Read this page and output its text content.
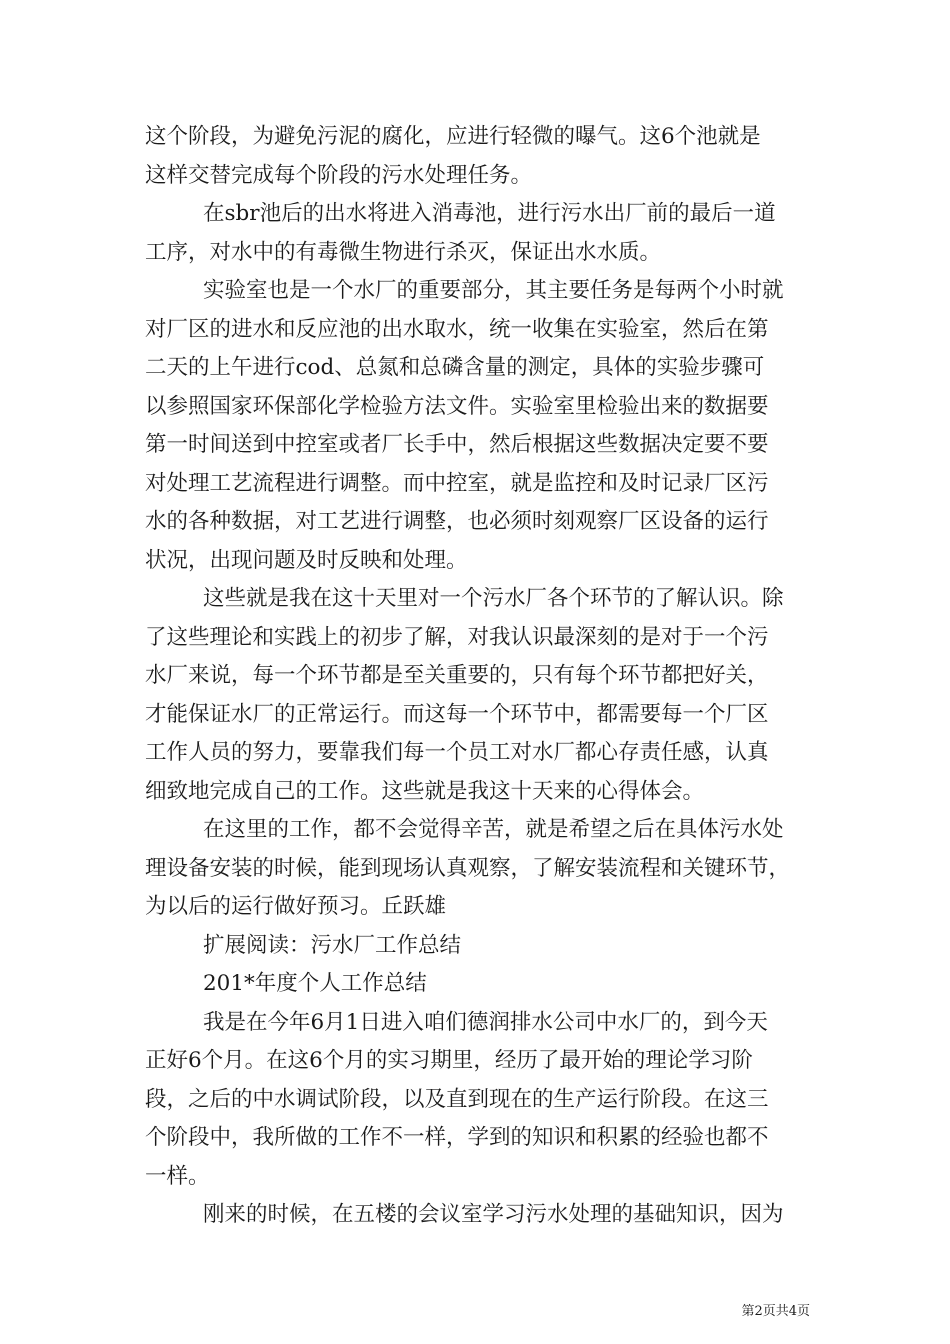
这个阶段，为避免污泥的腐化，应进行轻微的曝气。这6个池就是
这样交替完成每个阶段的污水处理任务。
在sbr池后的出水将进入消毒池，进行污水出厂前的最后一道
工序，对水中的有毒微生物进行杀灭，保证出水水质。
实验室也是一个水厂的重要部分，其主要任务是每两个小时就
对厂区的进水和反应池的出水取水，统一收集在实验室，然后在第
二天的上午进行cod、总氮和总磷含量的测定，具体的实验步骤可
以参照国家环保部化学检验方法文件。实验室里检验出来的数据要
第一时间送到中控室或者厂长手中，然后根据这些数据决定要不要
对处理工艺流程进行调整。而中控室，就是监控和及时记录厂区污
水的各种数据，对工艺进行调整，也必须时刻观察厂区设备的运行
状况，出现问题及时反映和处理。
这些就是我在这十天里对一个污水厂各个环节的了解认识。除
了这些理论和实践上的初步了解，对我认识最深刻的是对于一个污
水厂来说，每一个环节都是至关重要的，只有每个环节都把好关，
才能保证水厂的正常运行。而这每一个环节中，都需要每一个厂区
工作人员的努力，要靠我们每一个员工对水厂都心存责任感，认真
细致地完成自己的工作。这些就是我这十天来的心得体会。
在这里的工作，都不会觉得辛苦，就是希望之后在具体污水处
理设备安装的时候，能到现场认真观察，了解安装流程和关键环节，
为以后的运行做好预习。丘跃雄
扩展阅读：污水厂工作总结
201*年度个人工作总结
我是在今年6月1日进入咱们德润排水公司中水厂的，到今天
正好6个月。在这6个月的实习期里，经历了最开始的理论学习阶
段，之后的中水调试阶段，以及直到现在的生产运行阶段。在这三
个阶段中，我所做的工作不一样，学到的知识和积累的经验也都不
一样。
刚来的时候，在五楼的会议室学习污水处理的基础知识，因为
第2页共4页
